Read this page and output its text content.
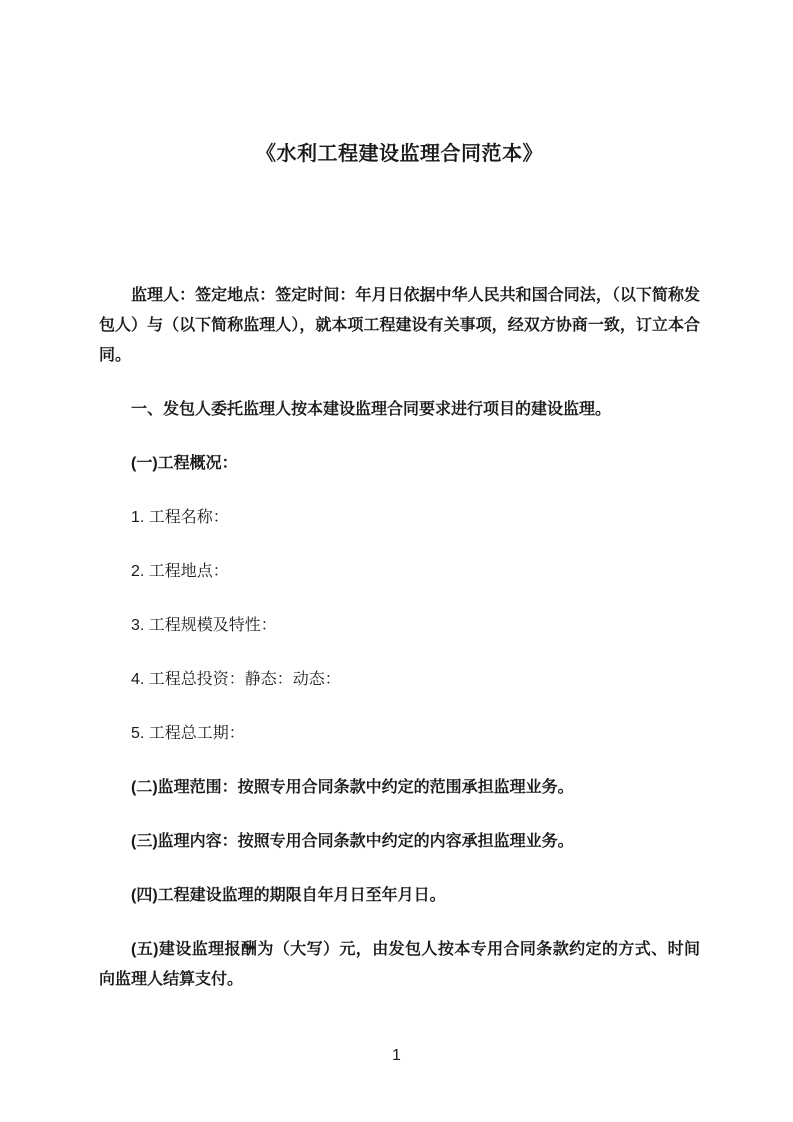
《水利工程建设监理合同范本》

监理人：签定地点：签定时间：年月日依据中华人民共和国合同法，（以下简称发包人）与（以下简称监理人），就本项工程建设有关事项，经双方协商一致，订立本合同。

一、发包人委托监理人按本建设监理合同要求进行项目的建设监理。

(一)工程概况：

1. 工程名称：

2. 工程地点：

3. 工程规模及特性：

4. 工程总投资：静态：动态：

5. 工程总工期：

(二)监理范围：按照专用合同条款中约定的范围承担监理业务。

(三)监理内容：按照专用合同条款中约定的内容承担监理业务。

(四)工程建设监理的期限自年月日至年月日。

(五)建设监理报酬为（大写）元，由发包人按本专用合同条款约定的方式、时间向监理人结算支付。

1
